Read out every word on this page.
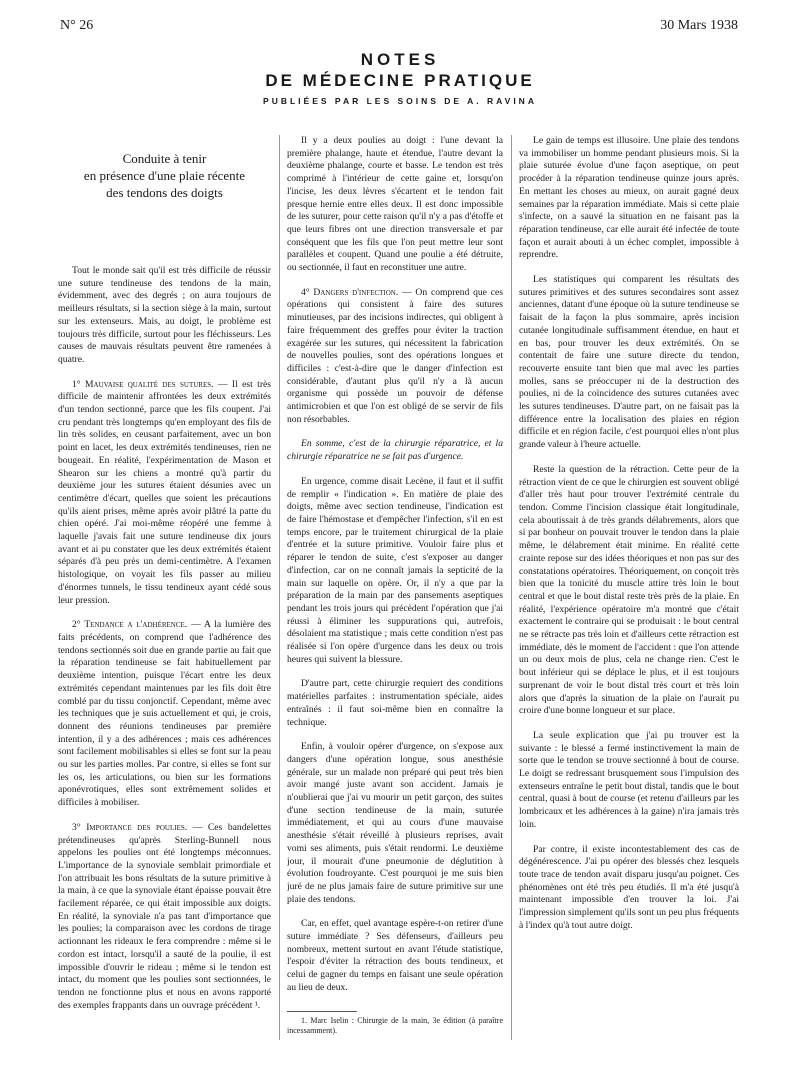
N° 26	30 Mars 1938
NOTES
DE MÉDECINE PRATIQUE
PUBLIÉES PAR LES SOINS DE A. RAVINA
Conduite à tenir
en présence d'une plaie récente
des tendons des doigts

Tout le monde sait qu'il est très difficile de réussir une suture tendineuse des tendons de la main, évidemment, avec des degrés ; on aura toujours de meilleurs résultats, si la section siège à la main, surtout sur les extenseurs. Mais, au doigt, le problème est toujours très difficile, surtout pour les fléchisseurs. Les causes de mauvais résultats peuvent être ramenées à quatre.

1° Mauvaise qualité des sutures. — Il est très difficile de maintenir affrontées les deux extrémités d'un tendon sectionné, parce que les fils coupent. J'ai cru pendant très longtemps qu'en employant des fils de lin très solides, en ceusant parfaitement, avec un bon point en lacet, les deux extrémités tendineuses, rien ne bougeait. En réalité, l'expérimentation de Mason et Shearon sur les chiens a montré qu'à partir du deuxième jour les sutures étaient désunies avec un centimètre d'écart, quelles que soient les précautions qu'ils aient prises, même après avoir plâtré la patte du chien opéré. J'ai moi-même réopéré une femme à laquelle j'avais fait une suture tendineuse dix jours avant et ai pu constater que les deux extrémités étaient séparés d'à peu près un demi-centimètre. A l'examen histologique, on voyait les fils passer au milieu d'énormes tunnels, le tissu tendineux ayant cédé sous leur pression.

2° Tendance a l'adhérence. — A la lumière des faits précédents, on comprend que l'adhérence des tendons sectionnés soit due en grande partie au fait que la réparation tendineuse se fait habituellement par deuxième intention, puisque l'écart entre les deux extrémités cependant maintenues par les fils doit être comblé par du tissu conjonctif. Cependant, même avec les techniques que je suis actuellement et qui, je crois, donnent des réunions tendineuses par première intention, il y a des adhérences ; mais ces adhérences sont facilement mobilisables si elles se font sur la peau ou sur les parties molles. Par contre, si elles se font sur les os, les articulations, ou bien sur les formations aponévrotiques, elles sont extrêmement solides et difficiles à mobiliser.

3° Importance des poulies. — Ces bandelettes prétendineuses qu'après Sterling-Bunnell nous appelons les poulies ont été longtemps méconnues. L'importance de la synoviale semblait primordiale et l'on attribuait les bons résultats de la suture primitive à la main, à ce que la synoviale étant épaisse pouvait être facilement réparée, ce qui était impossible aux doigts. En réalité, la synoviale n'a pas tant d'importance que les poulies; la comparaison avec les cordons de tirage actionnant les rideaux le fera comprendre : même si le cordon est intact, lorsqu'il a sauté de la poulie, il est impossible d'ouvrir le rideau ; même si le tendon est intact, du moment que les poulies sont sectionnées, le tendon ne fonctionne plus et nous en avons rapporté des exemples frappants dans un ouvrage précédent ¹.

Il y a deux poulies au doigt : l'une devant la première phalange, haute et étendue, l'autre devant la deuxième phalange, courte et basse. Le tendon est très comprimé à l'intérieur de cette gaine et, lorsqu'on l'incise, les deux lèvres s'écartent et le tendon fait presque hernie entre elles deux. Il est donc impossible de les suturer, pour cette raison qu'il n'y a pas d'étoffe et que leurs fibres ont une direction transversale et par conséquent que les fils que l'on peut mettre leur sont parallèles et coupent. Quand une poulie a été détruite, ou sectionnée, il faut en reconstituer une autre.

4° Dangers d'infection. — On comprend que ces opérations qui consistent à faire des sutures minutieuses, par des incisions indirectes, qui obligent à faire fréquemment des greffes pour éviter la traction exagérée sur les sutures, qui nécessitent la fabrication de nouvelles poulies, sont des opérations longues et difficiles : c'est-à-dire que le danger d'infection est considérable, d'autant plus qu'il n'y a là aucun organisme qui possède un pouvoir de défense antimicrobien et que l'on est obligé de se servir de fils non résorbables.

En somme, c'est de la chirurgie réparatrice, et la chirurgie réparatrice ne se fait pas d'urgence.

En urgence, comme disait Lecène, il faut et il suffit de remplir « l'indication ». En matière de plaie des doigts, même avec section tendineuse, l'indication est de faire l'hémostase et d'empêcher l'infection, s'il en est temps encore, par le traitement chirurgical de la plaie d'entrée et la suture primitive. Vouloir faire plus et réparer le tendon de suite, c'est s'exposer au danger d'infection, car on ne connaît jamais la septicité de la main sur laquelle on opère. Or, il n'y a que par la préparation de la main par des pansements aseptiques pendant les trois jours qui précèdent l'opération que j'ai réussi à éliminer les suppurations qui, autrefois, désolaient ma statistique ; mais cette condition n'est pas réalisée si l'on opère d'urgence dans les deux ou trois heures qui suivent la blessure.

D'autre part, cette chirurgie requiert des conditions matérielles parfaites : instrumentation spéciale, aides entraînés : il faut soi-même bien en connaître la technique.

Enfin, à vouloir opérer d'urgence, on s'expose aux dangers d'une opération longue, sous anesthésie générale, sur un malade non préparé qui peut très bien avoir mangé juste avant son accident. Jamais je n'oublierai que j'ai vu mourir un petit garçon, des suites d'une section tendineuse de la main, suturée immédiatement, et qui au cours d'une mauvaise anesthésie s'était réveillé à plusieurs reprises, avait vomi ses aliments, puis s'était rendormi. Le deuxième jour, il mourait d'une pneumonie de déglutition à évolution foudroyante. C'est pourquoi je me suis bien juré de ne plus jamais faire de suture primitive sur une plaie des tendons.

Car, en effet, quel avantage espère-t-on retirer d'une suture immédiate ? Ses défenseurs, d'ailleurs peu nombreux, mettent surtout en avant l'étude statistique, l'espoir d'éviter la rétraction des bouts tendineux, et celui de gagner du temps en faisant une seule opération au lieu de deux.

1. Marc Iselin : Chirurgie de la main, 3e édition (à paraître incessamment).

Le gain de temps est illusoire. Une plaie des tendons va immobiliser un homme pendant plusieurs mois. Si la plaie suturée évolue d'une façon aseptique, on peut procéder à la réparation tendineuse quinze jours après. En mettant les choses au mieux, on aurait gagné deux semaines par la réparation immédiate. Mais si cette plaie s'infecte, on a sauvé la situation en ne faisant pas la réparation tendineuse, car elle aurait été infectée de toute façon et aurait abouti à un échec complet, impossible à reprendre.

Les statistiques qui comparent les résultats des sutures primitives et des sutures secondaires sont assez anciennes, datant d'une époque où la suture tendineuse se faisait de la façon la plus sommaire, après incision cutanée longitudinale suffisamment étendue, en haut et en bas, pour trouver les deux extrémités. On se contentait de faire une suture directe du tendon, recouverte ensuite tant bien que mal avec les parties molles, sans se préoccuper ni de la destruction des poulies, ni de la coïncidence des sutures cutanées avec les sutures tendineuses. D'autre part, on ne faisait pas la différence entre la localisation des plaies en région difficile et en région facile, c'est pourquoi elles n'ont plus grande valeur à l'heure actuelle.

Reste la question de la rétraction. Cette peur de la rétraction vient de ce que le chirurgien est souvent obligé d'aller très haut pour trouver l'extrémité centrale du tendon. Comme l'incision classique était longitudinale, cela aboutissait à de très grands délabrements, alors que si par bonheur on pouvait trouver le tendon dans la plaie même, le délabrement était minime. En réalité cette crainte repose sur des idées théoriques et non pas sur des constatations opératoires. Théoriquement, on conçoit très bien que la tonicité du muscle attire très loin le bout central et que le bout distal reste très près de la plaie. En réalité, l'expérience opératoire m'a montré que c'était exactement le contraire qui se produisait : le bout central ne se rétracte pas très loin et d'ailleurs cette rétraction est immédiate, dès le moment de l'accident : que l'on attende un ou deux mois de plus, cela ne change rien. C'est le bout inférieur qui se déplace le plus, et il est toujours surprenant de voir le bout distal très court et très loin alors que d'après la situation de la plaie on l'aurait pu croire d'une bonne longueur et sur place.

La seule explication que j'ai pu trouver est la suivante : le blessé a fermé instinctivement la main de sorte que le tendon se trouve sectionné à bout de course. Le doigt se redressant brusquement sous l'impulsion des extenseurs entraîne le petit bout distal, tandis que le bout central, quasi à bout de course (et retenu d'ailleurs par les lombricaux et les adhérences à la gaine) n'ira jamais très loin.

Par contre, il existe incontestablement des cas de dégénérescence. J'ai pu opérer des blessés chez lesquels toute trace de tendon avait disparu jusqu'au poignet. Ces phénomènes ont été très peu étudiés. Il m'a été jusqu'à maintenant impossible d'en trouver la loi. J'ai l'impression simplement qu'ils sont un peu plus fréquents à l'index qu'à tout autre doigt.
